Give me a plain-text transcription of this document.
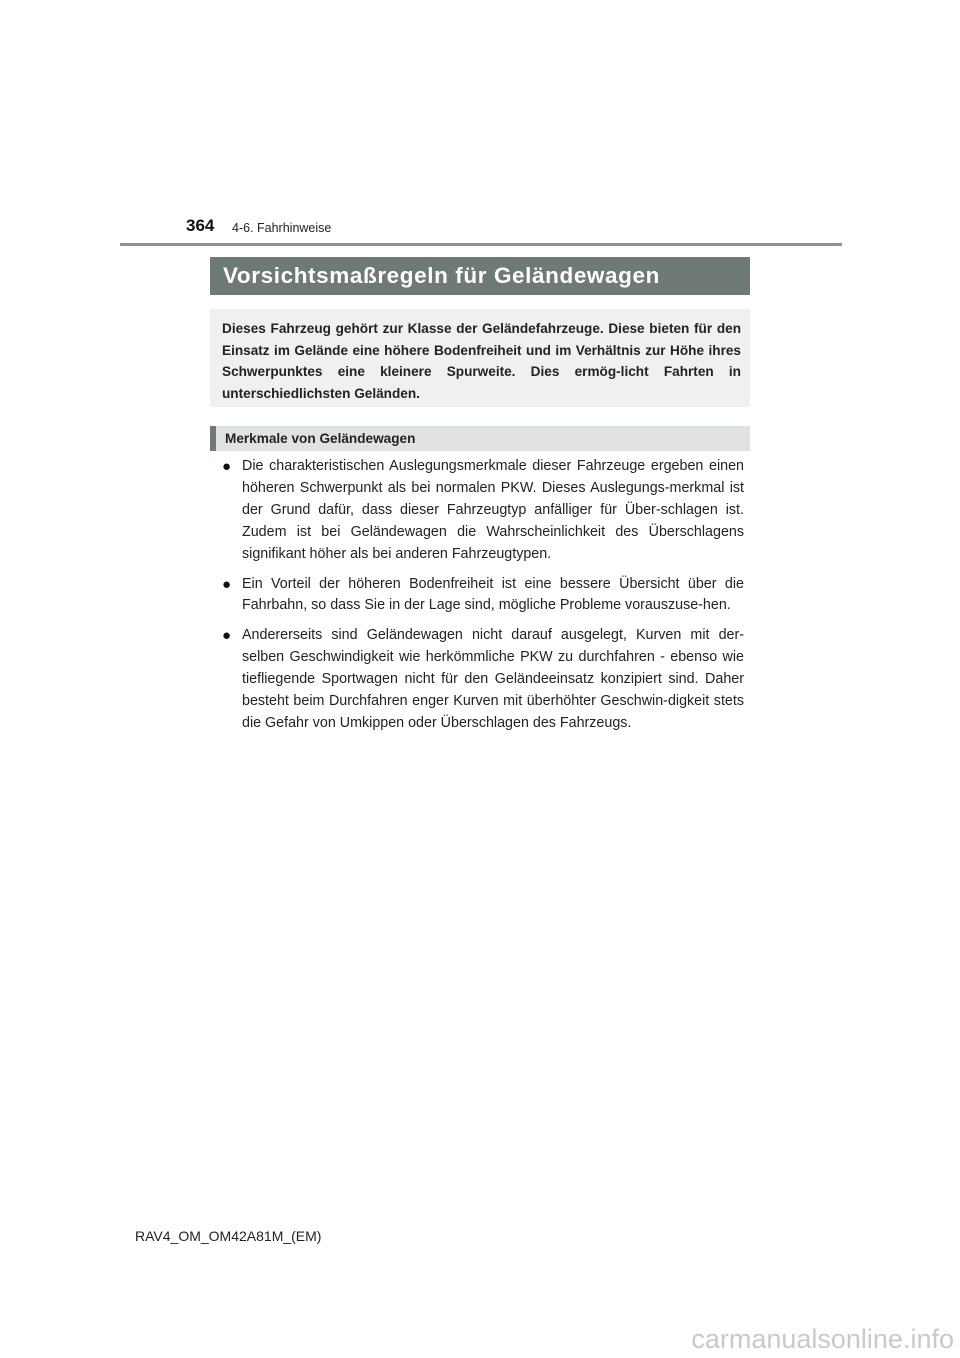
364 4-6. Fahrhinweise
Vorsichtsmaßregeln für Geländewagen

Dieses Fahrzeug gehört zur Klasse der Geländefahrzeuge. Diese bieten für den Einsatz im Gelände eine höhere Bodenfreiheit und im Verhältnis zur Höhe ihres Schwerpunktes eine kleinere Spurweite. Dies ermög-licht Fahrten in unterschiedlichsten Geländen.

Merkmale von Geländewagen
● Die charakteristischen Auslegungsmerkmale dieser Fahrzeuge ergeben einen höheren Schwerpunkt als bei normalen PKW. Dieses Auslegungs-merkmal ist der Grund dafür, dass dieser Fahrzeugtyp anfälliger für Über-schlagen ist. Zudem ist bei Geländewagen die Wahrscheinlichkeit des Überschlagens signifikant höher als bei anderen Fahrzeugtypen.
● Ein Vorteil der höheren Bodenfreiheit ist eine bessere Übersicht über die Fahrbahn, so dass Sie in der Lage sind, mögliche Probleme vorauszuse-hen.
● Andererseits sind Geländewagen nicht darauf ausgelegt, Kurven mit der-selben Geschwindigkeit wie herkömmliche PKW zu durchfahren - ebenso wie tiefliegende Sportwagen nicht für den Geländeeinsatz konzipiert sind. Daher besteht beim Durchfahren enger Kurven mit überhöhter Geschwin-digkeit stets die Gefahr von Umkippen oder Überschlagen des Fahrzeugs.
RAV4_OM_OM42A81M_(EM)
carmanualsonline.info
